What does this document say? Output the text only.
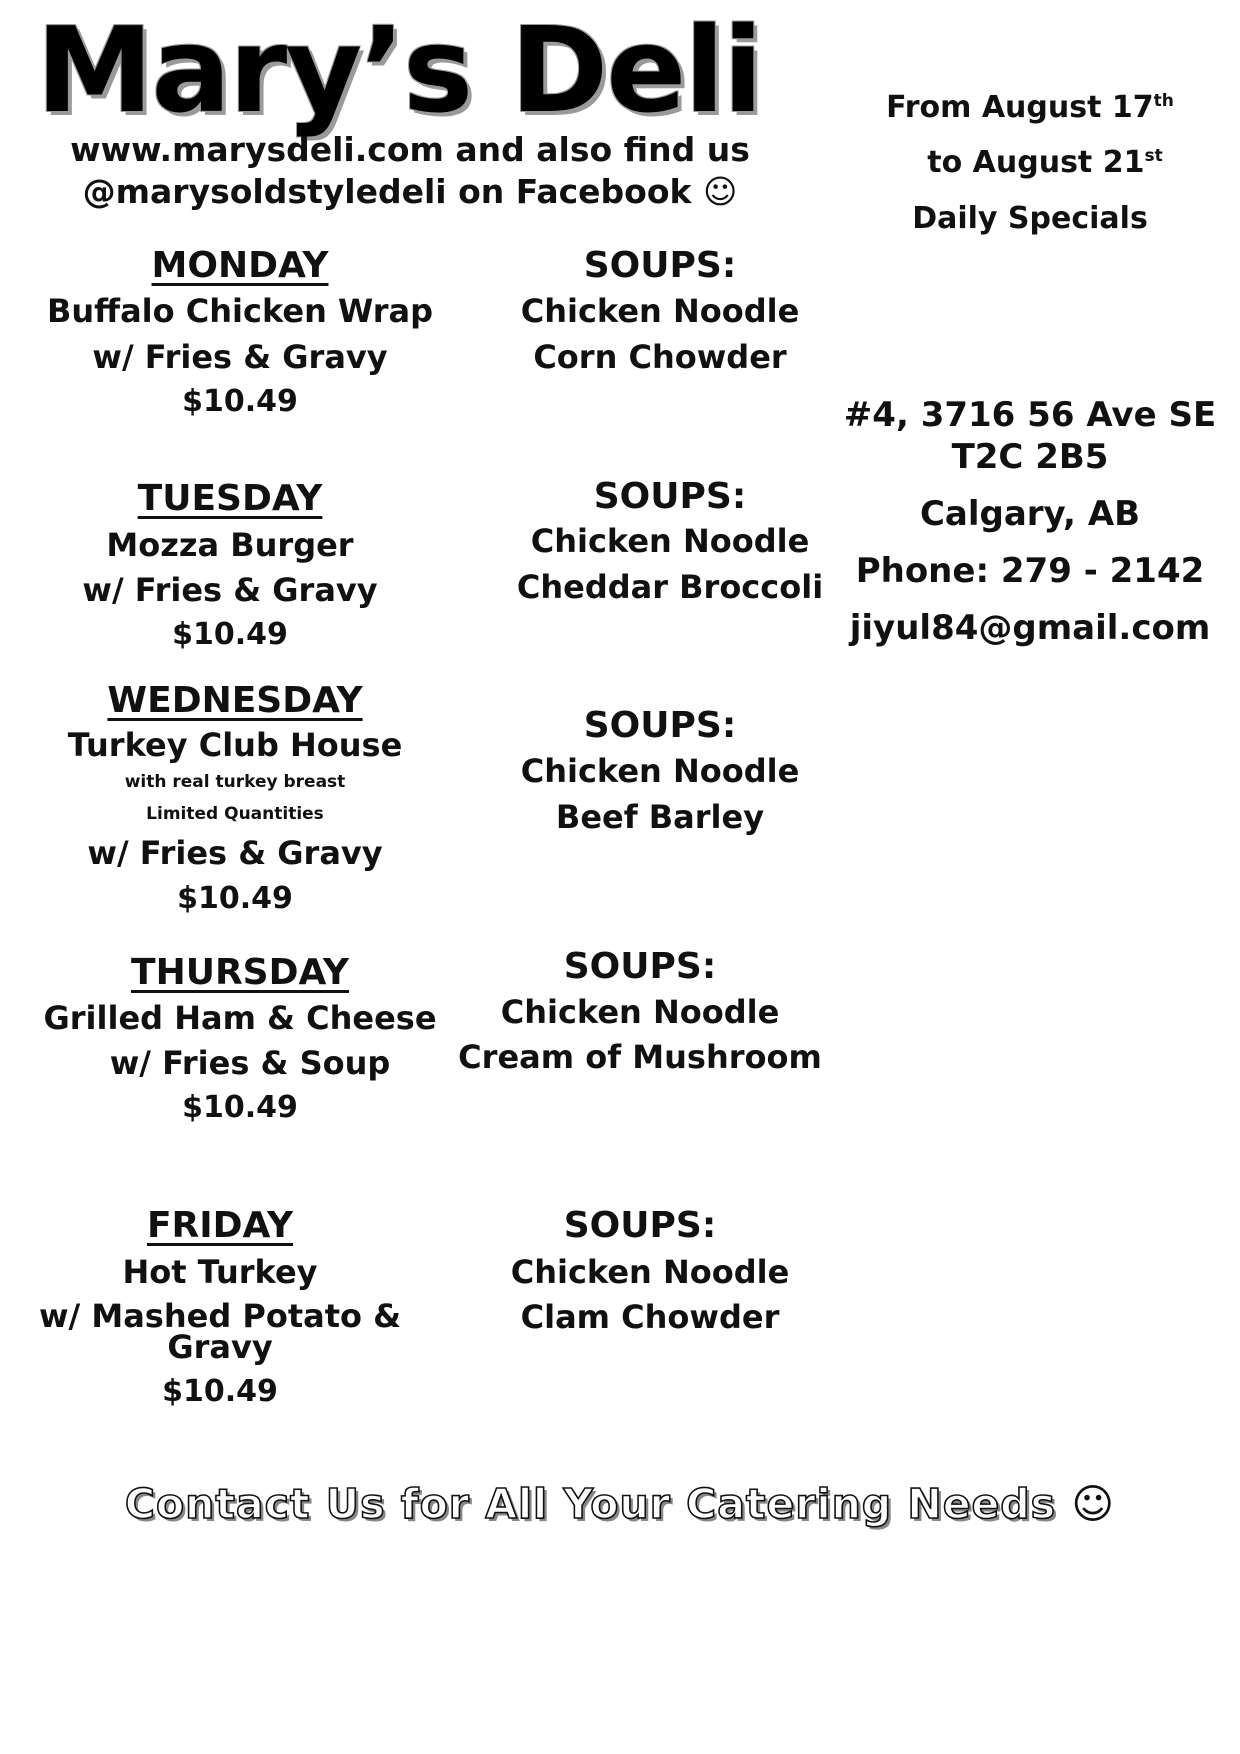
Mary’s Deli
www.marysdeli.com and also find us
@marysoldstyledeli on Facebook ☺
From August 17th
to August 21st
Daily Specials
#4, 3716 56 Ave SE
T2C 2B5
Calgary, AB
Phone: 279 - 2142
jiyul84@gmail.com
MONDAY
Buffalo Chicken Wrap
w/ Fries & Gravy
$10.49
SOUPS:
Chicken Noodle
Corn Chowder
TUESDAY
Mozza Burger
w/ Fries & Gravy
$10.49
SOUPS:
Chicken Noodle
Cheddar Broccoli
WEDNESDAY
Turkey Club House
with real turkey breast
Limited Quantities
w/ Fries & Gravy
$10.49
SOUPS:
Chicken Noodle
Beef Barley
THURSDAY
Grilled Ham & Cheese
w/ Fries & Soup
$10.49
SOUPS:
Chicken Noodle
Cream of Mushroom
FRIDAY
Hot Turkey
w/ Mashed Potato &
Gravy
$10.49
SOUPS:
Chicken Noodle
Clam Chowder
Contact Us for All Your Catering Needs ☺
